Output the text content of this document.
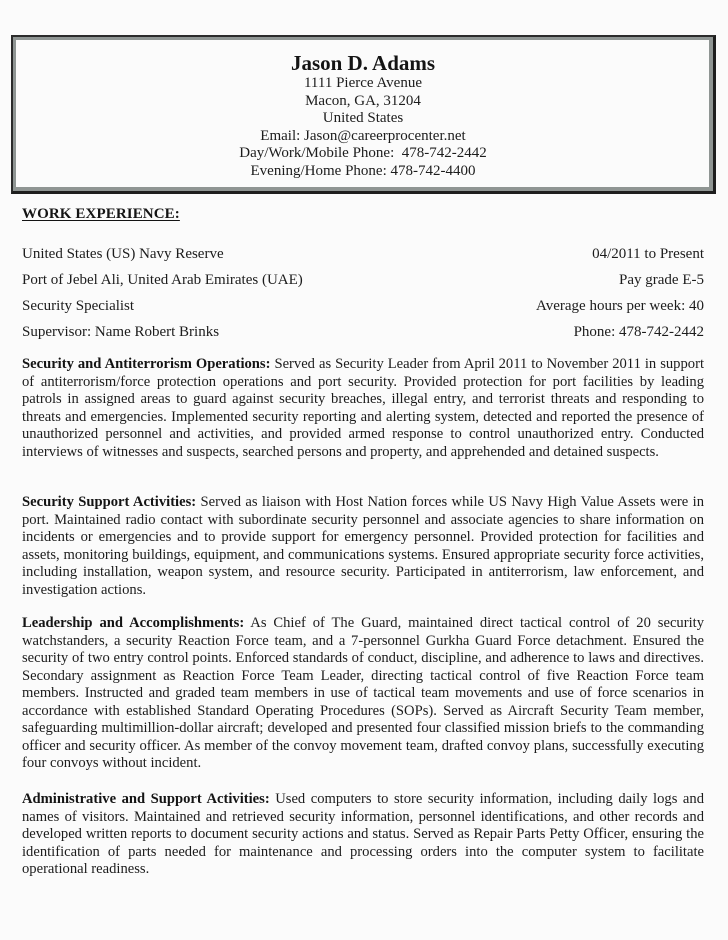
Jason D. Adams
1111 Pierce Avenue
Macon, GA, 31204
United States
Email: Jason@careerprocenter.net
Day/Work/Mobile Phone:  478-742-2442
Evening/Home Phone: 478-742-4400
WORK EXPERIENCE:
United States (US) Navy Reserve	04/2011 to Present
Port of Jebel Ali, United Arab Emirates (UAE)	Pay grade E-5
Security Specialist	Average hours per week: 40
Supervisor: Name Robert Brinks	Phone: 478-742-2442
Security and Antiterrorism Operations: Served as Security Leader from April 2011 to November 2011 in support of antiterrorism/force protection operations and port security. Provided protection for port facilities by leading patrols in assigned areas to guard against security breaches, illegal entry, and terrorist threats and responding to threats and emergencies. Implemented security reporting and alerting system, detected and reported the presence of unauthorized personnel and activities, and provided armed response to control unauthorized entry. Conducted interviews of witnesses and suspects, searched persons and property, and apprehended and detained suspects.
Security Support Activities: Served as liaison with Host Nation forces while US Navy High Value Assets were in port. Maintained radio contact with subordinate security personnel and associate agencies to share information on incidents or emergencies and to provide support for emergency personnel. Provided protection for facilities and assets, monitoring buildings, equipment, and communications systems. Ensured appropriate security force activities, including installation, weapon system, and resource security. Participated in antiterrorism, law enforcement, and investigation actions.
Leadership and Accomplishments: As Chief of The Guard, maintained direct tactical control of 20 security watchstanders, a security Reaction Force team, and a 7-personnel Gurkha Guard Force detachment. Ensured the security of two entry control points. Enforced standards of conduct, discipline, and adherence to laws and directives. Secondary assignment as Reaction Force Team Leader, directing tactical control of five Reaction Force team members. Instructed and graded team members in use of tactical team movements and use of force scenarios in accordance with established Standard Operating Procedures (SOPs). Served as Aircraft Security Team member, safeguarding multimillion-dollar aircraft; developed and presented four classified mission briefs to the commanding officer and security officer. As member of the convoy movement team, drafted convoy plans, successfully executing four convoys without incident.
Administrative and Support Activities: Used computers to store security information, including daily logs and names of visitors. Maintained and retrieved security information, personnel identifications, and other records and developed written reports to document security actions and status. Served as Repair Parts Petty Officer, ensuring the identification of parts needed for maintenance and processing orders into the computer system to facilitate operational readiness.
